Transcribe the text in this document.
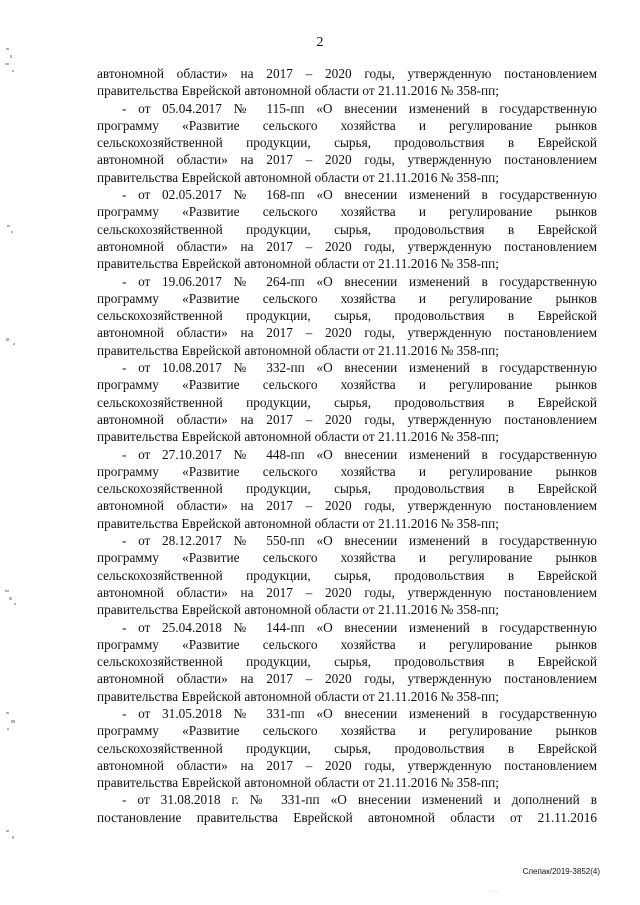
2
автономной области» на 2017 – 2020 годы, утвержденную постановлением
правительства Еврейской автономной области от 21.11.2016 № 358-пп;
- от 05.04.2017 № 115-пп «О внесении изменений в государственную
программу «Развитие сельского хозяйства и регулирование рынков
сельскохозяйственной продукции, сырья, продовольствия в Еврейской
автономной области» на 2017 – 2020 годы, утвержденную постановлением
правительства Еврейской автономной области от 21.11.2016 № 358-пп;
- от 02.05.2017 № 168-пп «О внесении изменений в государственную
программу «Развитие сельского хозяйства и регулирование рынков
сельскохозяйственной продукции, сырья, продовольствия в Еврейской
автономной области» на 2017 – 2020 годы, утвержденную постановлением
правительства Еврейской автономной области от 21.11.2016 № 358-пп;
- от 19.06.2017 № 264-пп «О внесении изменений в государственную
программу «Развитие сельского хозяйства и регулирование рынков
сельскохозяйственной продукции, сырья, продовольствия в Еврейской
автономной области» на 2017 – 2020 годы, утвержденную постановлением
правительства Еврейской автономной области от 21.11.2016 № 358-пп;
- от 10.08.2017 № 332-пп «О внесении изменений в государственную
программу «Развитие сельского хозяйства и регулирование рынков
сельскохозяйственной продукции, сырья, продовольствия в Еврейской
автономной области» на 2017 – 2020 годы, утвержденную постановлением
правительства Еврейской автономной области от 21.11.2016 № 358-пп;
- от 27.10.2017 № 448-пп «О внесении изменений в государственную
программу «Развитие сельского хозяйства и регулирование рынков
сельскохозяйственной продукции, сырья, продовольствия в Еврейской
автономной области» на 2017 – 2020 годы, утвержденную постановлением
правительства Еврейской автономной области от 21.11.2016 № 358-пп;
- от 28.12.2017 № 550-пп «О внесении изменений в государственную
программу «Развитие сельского хозяйства и регулирование рынков
сельскохозяйственной продукции, сырья, продовольствия в Еврейской
автономной области» на 2017 – 2020 годы, утвержденную постановлением
правительства Еврейской автономной области от 21.11.2016 № 358-пп;
- от 25.04.2018 № 144-пп «О внесении изменений в государственную
программу «Развитие сельского хозяйства и регулирование рынков
сельскохозяйственной продукции, сырья, продовольствия в Еврейской
автономной области» на 2017 – 2020 годы, утвержденную постановлением
правительства Еврейской автономной области от 21.11.2016 № 358-пп;
- от 31.05.2018 № 331-пп «О внесении изменений в государственную
программу «Развитие сельского хозяйства и регулирование рынков
сельскохозяйственной продукции, сырья, продовольствия в Еврейской
автономной области» на 2017 – 2020 годы, утвержденную постановлением
правительства Еврейской автономной области от 21.11.2016 № 358-пп;
- от 31.08.2018 г. № 331-пп «О внесении изменений и дополнений в
постановление правительства Еврейской автономной области от 21.11.2016
Слепак/2019-3852(4)
· · ·
